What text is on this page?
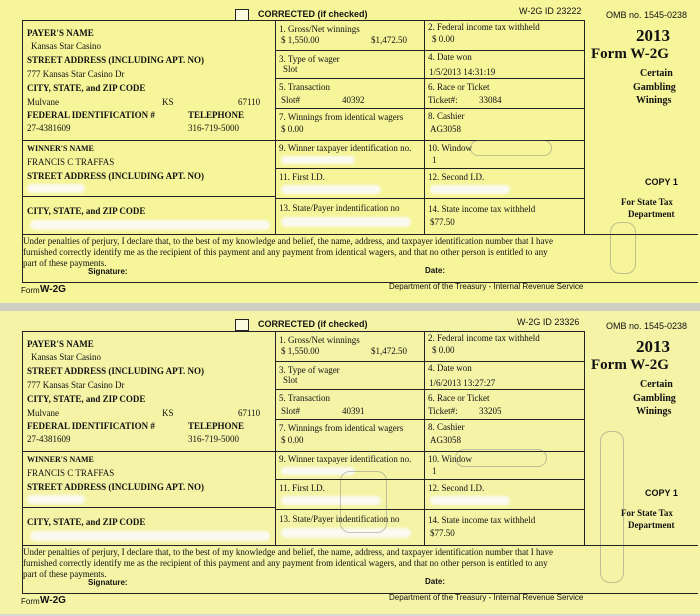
CORRECTED (if checked)	W-2G ID 23222	OMB no. 1545-0238
PAYER'S NAME
Kansas Star Casino
STREET ADDRESS (INCLUDING APT. NO)
777 Kansas Star Casino Dr
CITY, STATE, and ZIP CODE
Mulvane	KS	67110
FEDERAL IDENTIFICATION #	TELEPHONE
27-4381609	316-719-5000
WINNER'S NAME
FRANCIS C TRAFFAS
STREET ADDRESS (INCLUDING APT. NO)
CITY, STATE, and ZIP CODE
1. Gross/Net winnings
$ 1,550.00	$1,472.50
2. Federal income tax withheld
$ 0.00
3. Type of wager
Slot
4. Date won
1/5/2013 14:31:19
5. Transaction
Slot#	40392
6. Race or Ticket
Ticket#: 33084
7. Winnings from identical wagers
$ 0.00
8. Cashier
AG3058
9. Winner taxpayer identification no. 10. Window
1
11. First I.D.	12. Second I.D.
13. State/Payer indentification no	14. State income tax withheld
$77.50
2013
Form W-2G
Certain
Gambling
Winings
COPY 1
For State Tax
Department
Under penalties of perjury, I declare that, to the best of my knowledge and belief, the name, address, and taxpayer identification number that I have
furnished correctly identify me as the recipient of this payment and any payment from identical wagers, and that no other person is entitled to any
part of these payments.
Signature:	Date:
Form W-2G	Department of the Treasury - Internal Revenue Service
CORRECTED (if checked)	W-2G ID 23326	OMB no. 1545-0238
PAYER'S NAME
Kansas Star Casino
STREET ADDRESS (INCLUDING APT. NO)
777 Kansas Star Casino Dr
CITY, STATE, and ZIP CODE
Mulvane	KS	67110
FEDERAL IDENTIFICATION #	TELEPHONE
27-4381609	316-719-5000
WINNER'S NAME
FRANCIS C TRAFFAS
STREET ADDRESS (INCLUDING APT. NO)
CITY, STATE, and ZIP CODE
1. Gross/Net winnings
$ 1,550.00	$1,472.50
2. Federal income tax withheld
$ 0.00
3. Type of wager
Slot
4. Date won
1/6/2013 13:27:27
5. Transaction
Slot#	40391
6. Race or Ticket
Ticket#: 33205
7. Winnings from identical wagers
$ 0.00
8. Cashier
AG3058
9. Winner taxpayer identification no. 10. Window
1
11. First I.D.	12. Second I.D.
13. State/Payer indentification no	14. State income tax withheld
$77.50
2013
Form W-2G
Certain
Gambling
Winings
COPY 1
For State Tax
Department
Under penalties of perjury, I declare that, to the best of my knowledge and belief, the name, address, and taxpayer identification number that I have
furnished correctly identify me as the recipient of this payment and any payment from identical wagers, and that no other person is entitled to any
part of these payments.
Signature:	Date:
Form W-2G	Department of the Treasury - Internal Revenue Service
